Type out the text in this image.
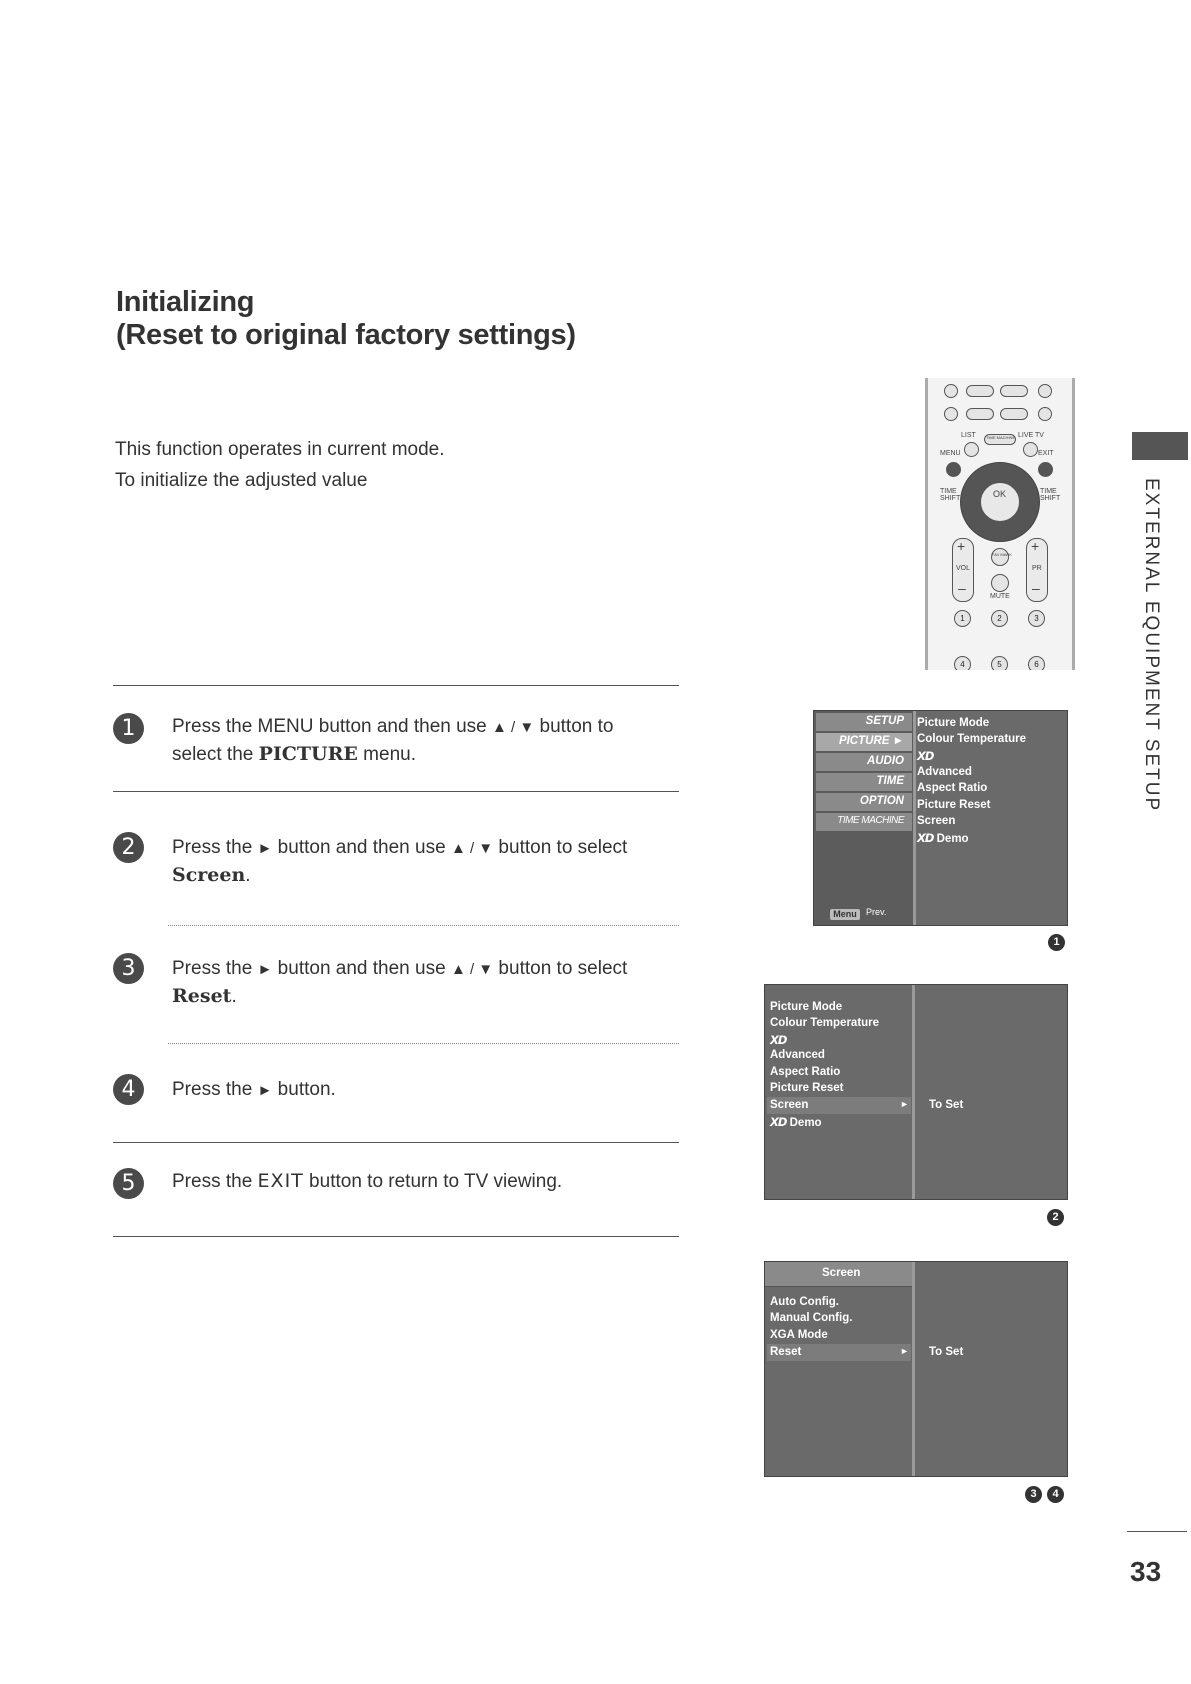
Initializing
(Reset to original factory settings)
This function operates in current mode.
To initialize the adjusted value
1	Press the MENU button and then use ▲ / ▼ button to
select the PICTURE menu.
2	Press the ► button and then use ▲ / ▼ button to select
Screen.
3	Press the ► button and then use ▲ / ▼ button to select
Reset.
4	Press the ► button.
5	Press the EXIT button to return to TV viewing.
EXTERNAL EQUIPMENT SETUP
33
LIST	TIME MACHINE LIVE TV
MENU	EXIT
OK
TIME SHIFT
TIME SHIFT
+	+
VOL	PR
–	–
FAV MARK
MUTE
1	2	3
4	5	6
SETUP
PICTURE ►
AUDIO
TIME
OPTION
TIME MACHINE
Menu	Prev.
Picture Mode
Colour Temperature
XD
Advanced
Aspect Ratio
Picture Reset
Screen
XD Demo
1
Picture Mode
Colour Temperature
XD
Advanced
Aspect Ratio
Picture Reset
Screen	►
XD Demo
To Set
2
Screen
Auto Config.
Manual Config.
XGA Mode
Reset	► To Set
3	4
